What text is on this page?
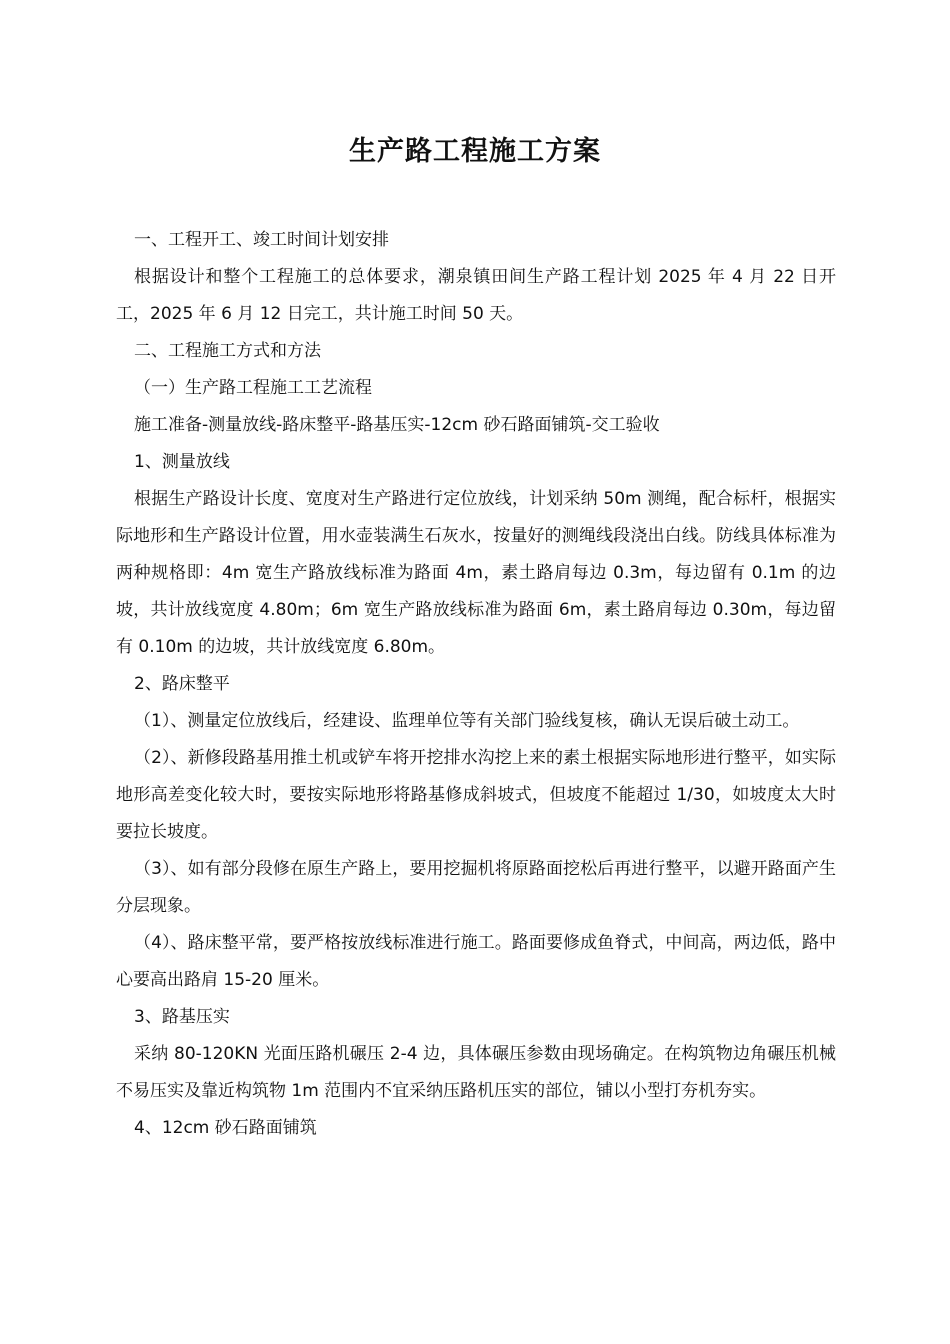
生产路工程施工方案

一、工程开工、竣工时间计划安排

根据设计和整个工程施工的总体要求，潮泉镇田间生产路工程计划 2025 年 4 月 22 日开工，2025 年 6 月 12 日完工，共计施工时间 50 天。

二、工程施工方式和方法

（一）生产路工程施工工艺流程

施工准备-测量放线-路床整平-路基压实-12cm 砂石路面铺筑-交工验收

1、测量放线

根据生产路设计长度、宽度对生产路进行定位放线，计划采纳 50m 测绳，配合标杆，根据实际地形和生产路设计位置，用水壶装满生石灰水，按量好的测绳线段浇出白线。防线具体标准为两种规格即：4m 宽生产路放线标准为路面 4m，素土路肩每边 0.3m，每边留有 0.1m 的边坡，共计放线宽度 4.80m；6m 宽生产路放线标准为路面 6m，素土路肩每边 0.30m，每边留有 0.10m 的边坡，共计放线宽度 6.80m。

2、路床整平

（1）、测量定位放线后，经建设、监理单位等有关部门验线复核，确认无误后破土动工。

（2）、新修段路基用推土机或铲车将开挖排水沟挖上来的素土根据实际地形进行整平，如实际地形高差变化较大时，要按实际地形将路基修成斜坡式，但坡度不能超过 1/30，如坡度太大时要拉长坡度。

（3）、如有部分段修在原生产路上，要用挖掘机将原路面挖松后再进行整平，以避开路面产生分层现象。

（4）、路床整平常，要严格按放线标准进行施工。路面要修成鱼脊式，中间高，两边低，路中心要高出路肩 15-20 厘米。

3、路基压实

采纳 80-120KN 光面压路机碾压 2-4 边，具体碾压参数由现场确定。在构筑物边角碾压机械不易压实及靠近构筑物 1m 范围内不宜采纳压路机压实的部位，铺以小型打夯机夯实。

4、12cm 砂石路面铺筑
